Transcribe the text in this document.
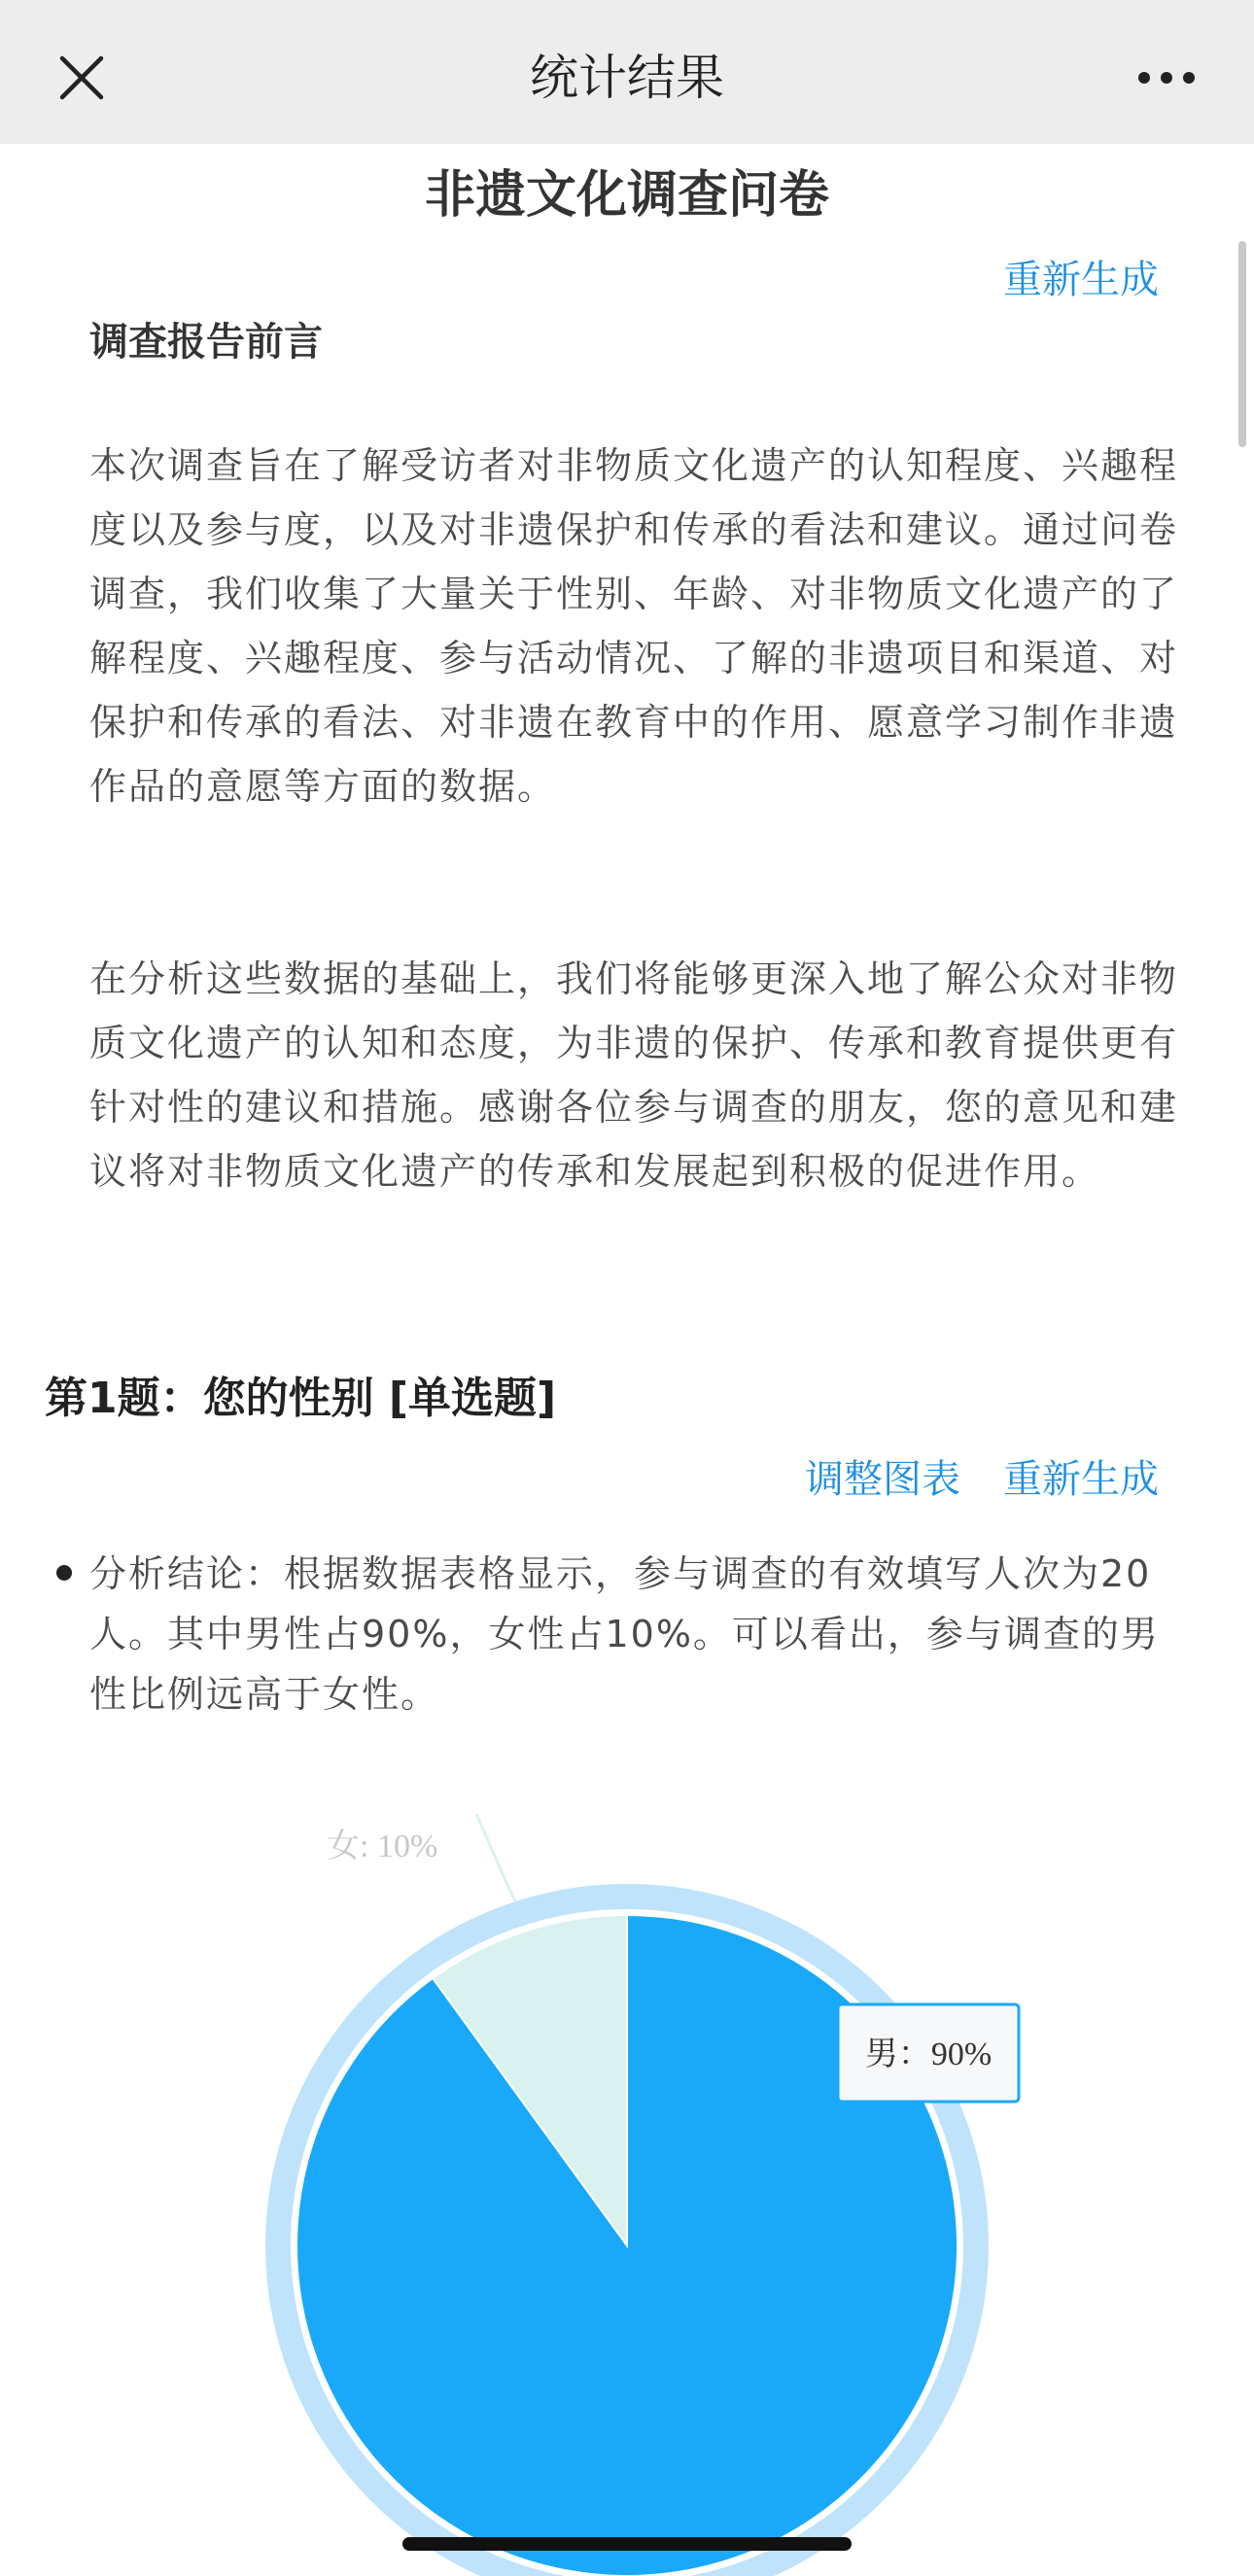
统计结果
非遗文化调查问卷
重新生成
调查报告前言
本次调查旨在了解受访者对非物质文化遗产的认知程度、兴趣程度以及参与度，以及对非遗保护和传承的看法和建议。通过问卷调查，我们收集了大量关于性别、年龄、对非物质文化遗产的了解程度、兴趣程度、参与活动情况、了解的非遗项目和渠道、对保护和传承的看法、对非遗在教育中的作用、愿意学习制作非遗作品的意愿等方面的数据。
在分析这些数据的基础上，我们将能够更深入地了解公众对非物质文化遗产的认知和态度，为非遗的保护、传承和教育提供更有针对性的建议和措施。感谢各位参与调查的朋友，您的意见和建议将对非物质文化遗产的传承和发展起到积极的促进作用。
第1题：您的性别 [单选题]
调整图表 重新生成
分析结论：根据数据表格显示，参与调查的有效填写人次为20人。其中男性占90%，女性占10%。可以看出，参与调查的男性比例远高于女性。
男：90%
女: 10%
